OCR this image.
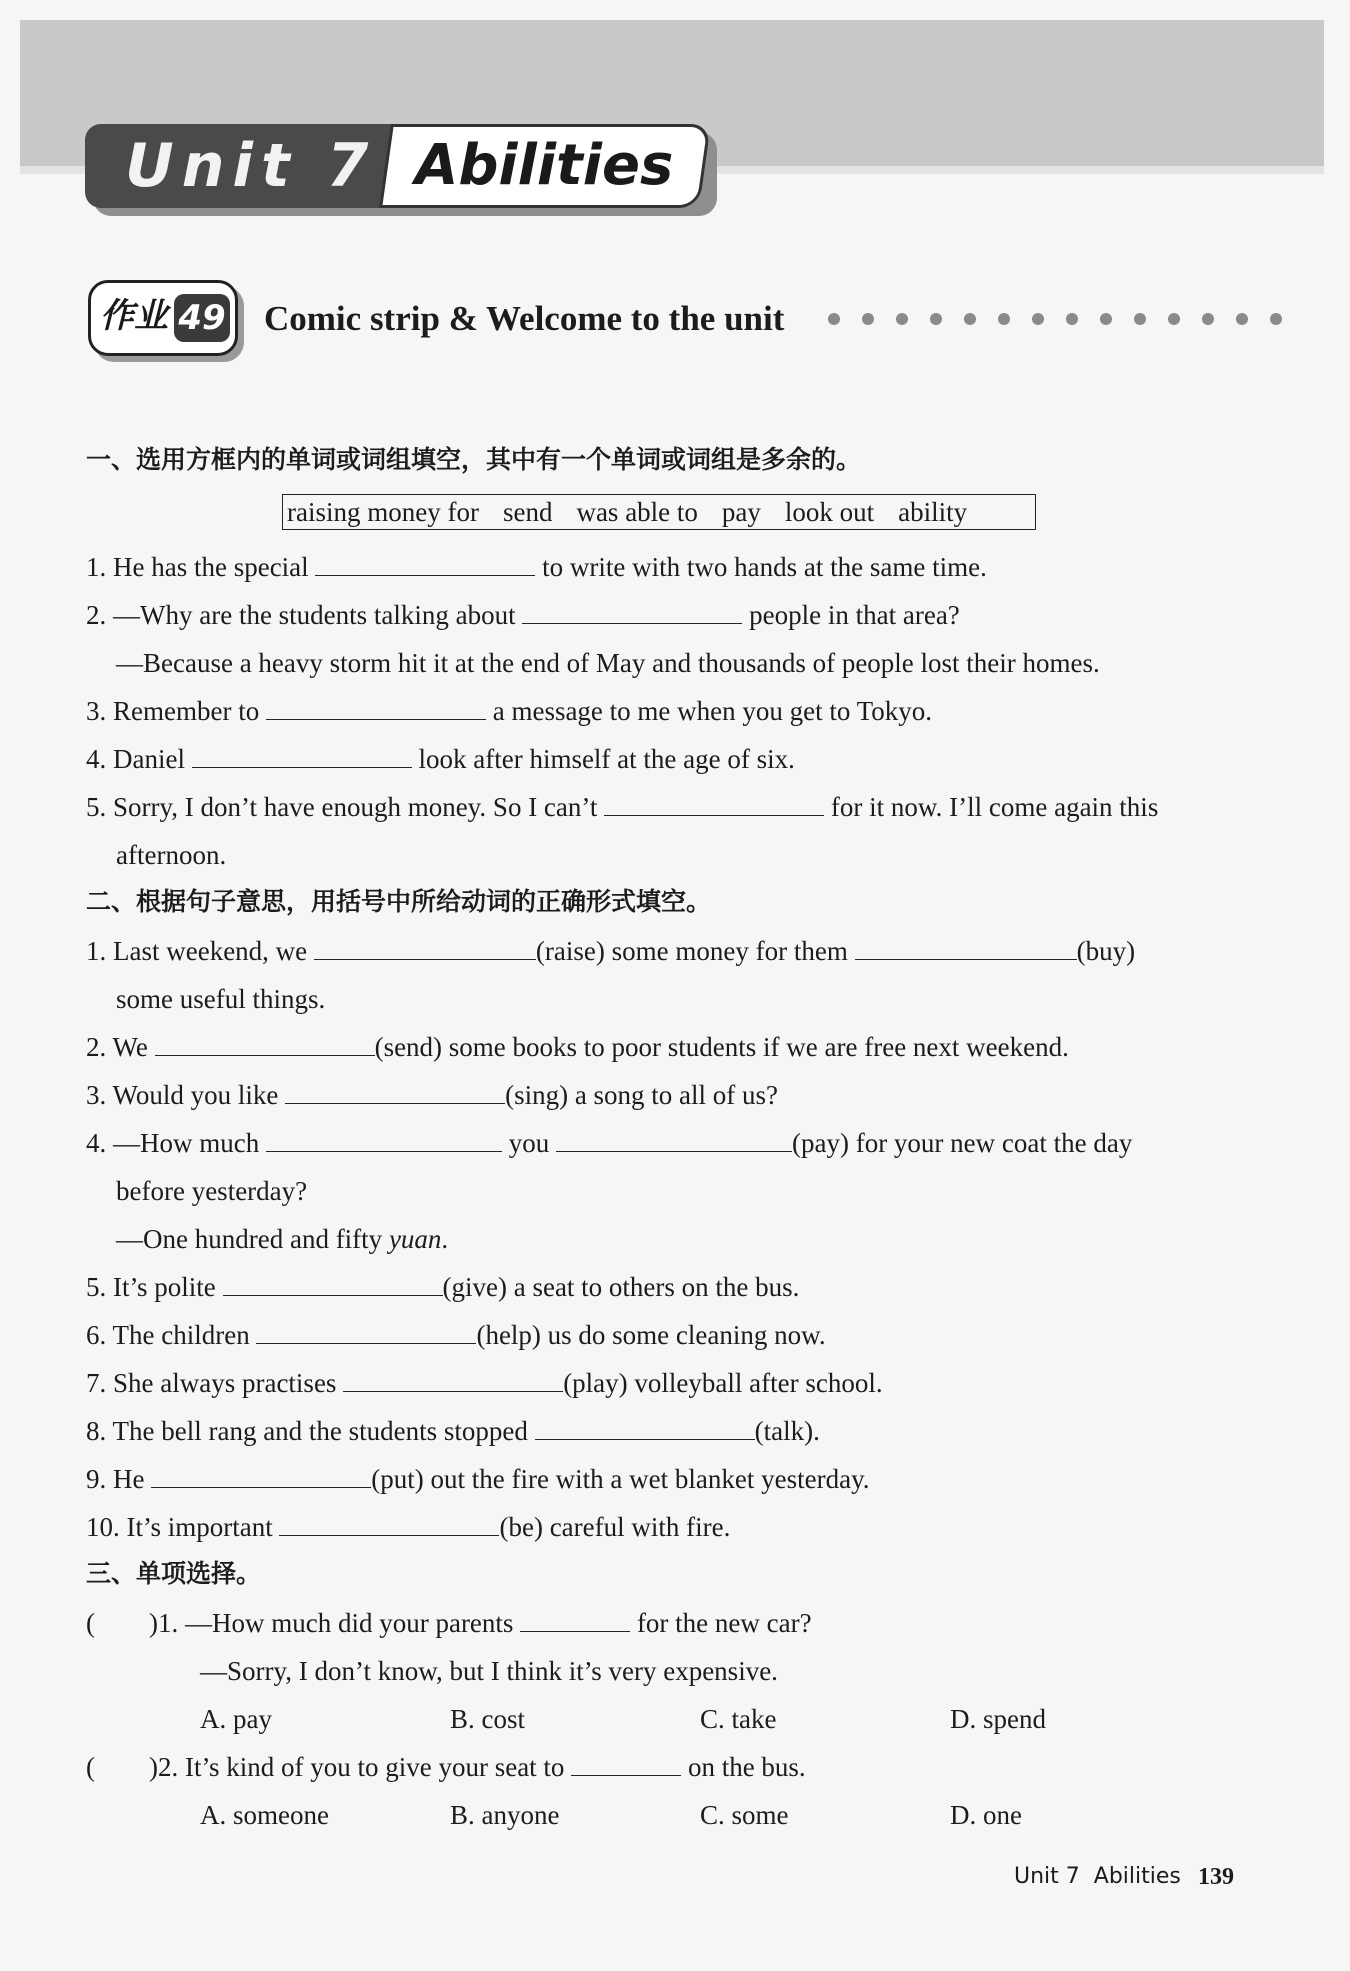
Unit 7 Abilities
作业 49 Comic strip & Welcome to the unit
一、选用方框内的单词或词组填空，其中有一个单词或词组是多余的。
raising money for send was able to pay look out ability
1. He has the special	to write with two hands at the same time.
2. —Why are the students talking about	people in that area?
—Because a heavy storm hit it at the end of May and thousands of people lost their homes.
3. Remember to	a message to me when you get to Tokyo.
4. Daniel	look after himself at the age of six.
5. Sorry, I don’t have enough money. So I can’t	for it now. I’ll come again this
afternoon.
二、根据句子意思，用括号中所给动词的正确形式填空。
1. Last weekend, we	(raise) some money for them	(buy)
some useful things.
2. We	(send) some books to poor students if we are free next weekend.
3. Would you like	(sing) a song to all of us?
4. —How much	you	(pay) for your new coat the day
before yesterday?
—One hundred and fifty yuan.
5. It’s polite	(give) a seat to others on the bus.
6. The children	(help) us do some cleaning now.
7. She always practises	(play) volleyball after school.
8. The bell rang and the students stopped	(talk).
9. He	(put) out the fire with a wet blanket yesterday.
10. It’s important	(be) careful with fire.
三、单项选择。
(　　)1. —How much did your parents	for the new car?
—Sorry, I don’t know, but I think it’s very expensive.
A. pay	B. cost	C. take	D. spend
(　　)2. It’s kind of you to give your seat to	on the bus.
A. someone	B. anyone	C. some	D. one
Unit 7 Abilities 139
